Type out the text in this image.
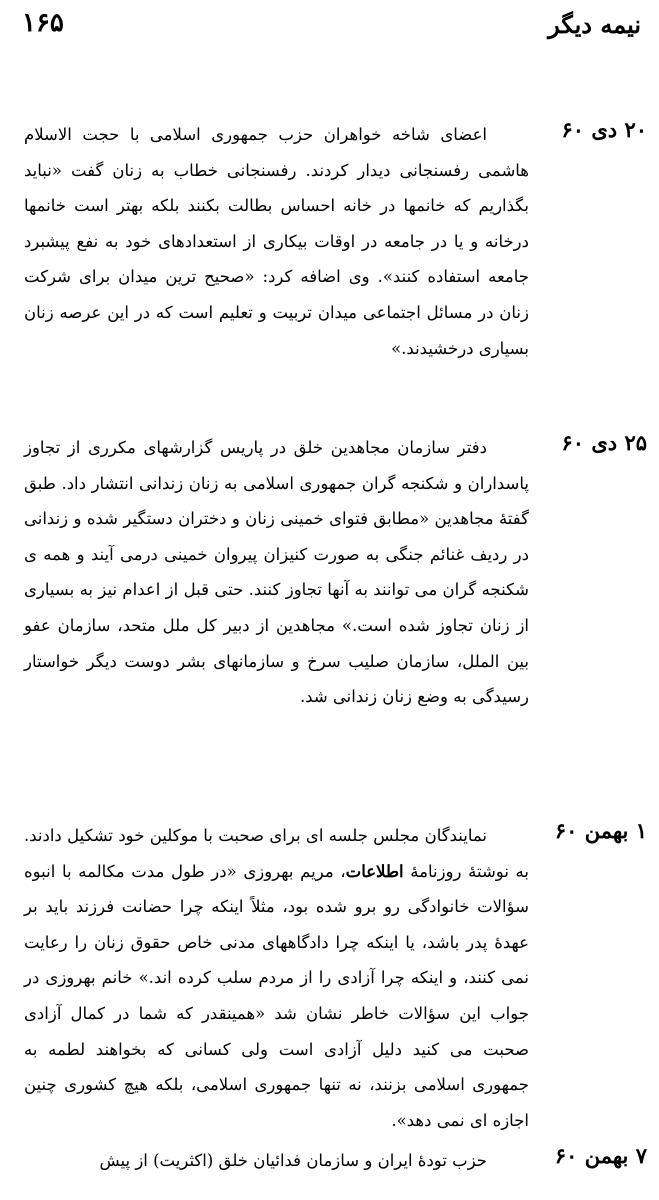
نیمه دیگر
۱۶۵
۲۰ دی ۶۰

اعضای شاخه خواهران حزب جمهوری اسلامی با حجت الاسلام هاشمی رفسنجانی دیدار کردند. رفسنجانی خطاب به زنان گفت «نباید بگذاریم که خانمها در خانه احساس بطالت بکنند بلکه بهتر است خانمها درخانه و یا در جامعه در اوقات بیکاری از استعدادهای خود به نفع پیشبرد جامعه استفاده کنند». وی اضافه کرد: «صحیح ترین میدان برای شرکت زنان در مسائل اجتماعی میدان تربیت و تعلیم است که در این عرصه زنان بسیاری درخشیدند.»

۲۵ دی ۶۰

دفتر سازمان مجاهدین خلق در پاریس گزارشهای مکرری از تجاوز پاسداران و شکنجه گران جمهوری اسلامی به زنان زندانی انتشار داد. طبق گفتهٔ مجاهدین «مطابق فتوای خمینی زنان و دختران دستگیر شده و زندانی در ردیف غنائم جنگی به صورت کنیزان پیروان خمینی درمی آیند و همه ی شکنجه گران می توانند به آنها تجاوز کنند. حتی قبل از اعدام نیز به بسیاری از زنان تجاوز شده است.» مجاهدین از دبیر کل ملل متحد، سازمان عفو بین الملل، سازمان صلیب سرخ و سازمانهای بشر دوست دیگر خواستار رسیدگی به وضع زنان زندانی شد.

۱ بهمن ۶۰

نمایندگان مجلس جلسه ای برای صحبت با موکلین خود تشکیل دادند. به نوشتهٔ روزنامهٔ اطلاعات، مریم بهروزی «در طول مدت مکالمه با انبوه سؤالات خانوادگی رو برو شده بود، مثلاً اینکه چرا حضانت فرزند باید بر عهدهٔ پدر باشد، یا اینکه چرا دادگاههای مدنی خاص حقوق زنان را رعایت نمی کنند، و اینکه چرا آزادی را از مردم سلب کرده اند.» خانم بهروزی در جواب این سؤالات خاطر نشان شد «همینقدر که شما در کمال آزادی صحبت می کنید دلیل آزادی است ولی کسانی که بخواهند لطمه به جمهوری اسلامی بزنند، نه تنها جمهوری اسلامی، بلکه هیچ کشوری چنین اجازه ای نمی دهد».

۷ بهمن ۶۰

حزب تودهٔ ایران و سازمان فدائیان خلق (اکثریت) از پیش
